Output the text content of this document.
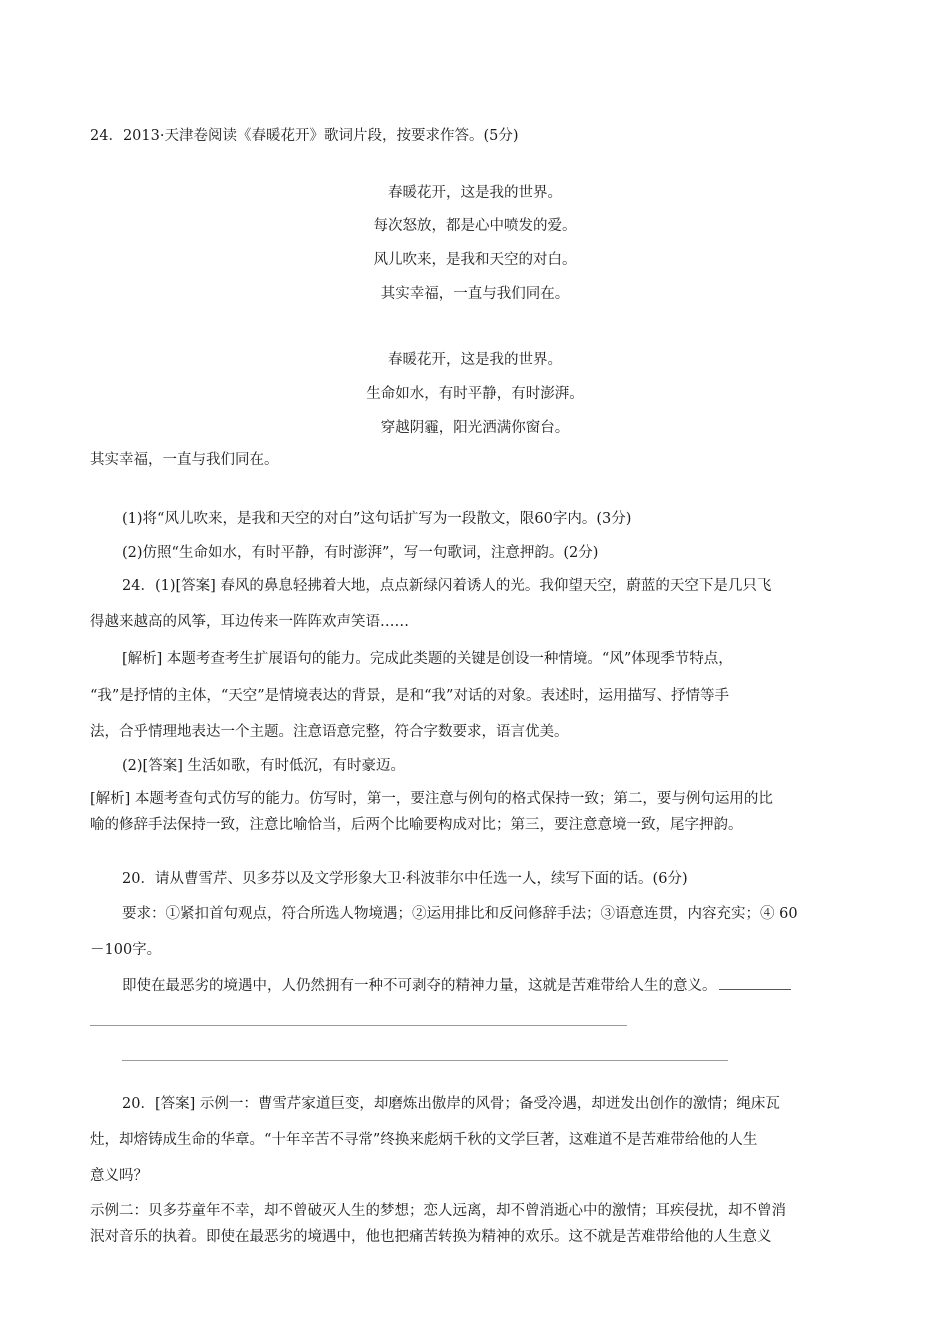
24．2013·天津卷阅读《春暖花开》歌词片段，按要求作答。(5分)
春暖花开，这是我的世界。
每次怒放，都是心中喷发的爱。
风儿吹来，是我和天空的对白。
其实幸福，一直与我们同在。
春暖花开，这是我的世界。
生命如水，有时平静，有时澎湃。
穿越阴霾，阳光洒满你窗台。
其实幸福，一直与我们同在。
(1)将“风儿吹来，是我和天空的对白”这句话扩写为一段散文，限60字内。(3分)
(2)仿照“生命如水，有时平静，有时澎湃”，写一句歌词，注意押韵。(2分)
24．(1)[答案] 春风的鼻息轻拂着大地，点点新绿闪着诱人的光。我仰望天空，蔚蓝的天空下是几只飞
得越来越高的风筝，耳边传来一阵阵欢声笑语……
[解析] 本题考查考生扩展语句的能力。完成此类题的关键是创设一种情境。“风”体现季节特点，
“我”是抒情的主体，“天空”是情境表达的背景，是和“我”对话的对象。表述时，运用描写、抒情等手
法，合乎情理地表达一个主题。注意语意完整，符合字数要求，语言优美。
(2)[答案] 生活如歌，有时低沉，有时豪迈。
[解析] 本题考查句式仿写的能力。仿写时，第一，要注意与例句的格式保持一致；第二，要与例句运用的比
喻的修辞手法保持一致，注意比喻恰当，后两个比喻要构成对比；第三，要注意意境一致，尾字押韵。
20．请从曹雪芹、贝多芬以及文学形象大卫·科波菲尔中任选一人，续写下面的话。(6分)
要求：①紧扣首句观点，符合所选人物境遇；②运用排比和反问修辞手法；③语意连贯，内容充实；④ 60
－100字。
即使在最恶劣的境遇中，人仍然拥有一种不可剥夺的精神力量，这就是苦难带给人生的意义。
20．[答案] 示例一：曹雪芹家道巨变，却磨炼出傲岸的风骨；备受冷遇，却迸发出创作的激情；绳床瓦
灶，却熔铸成生命的华章。“十年辛苦不寻常”终换来彪炳千秋的文学巨著，这难道不是苦难带给他的人生
意义吗？
示例二：贝多芬童年不幸，却不曾破灭人生的梦想；恋人远离，却不曾消逝心中的激情；耳疾侵扰，却不曾消
泯对音乐的执着。即使在最恶劣的境遇中，他也把痛苦转换为精神的欢乐。这不就是苦难带给他的人生意义
